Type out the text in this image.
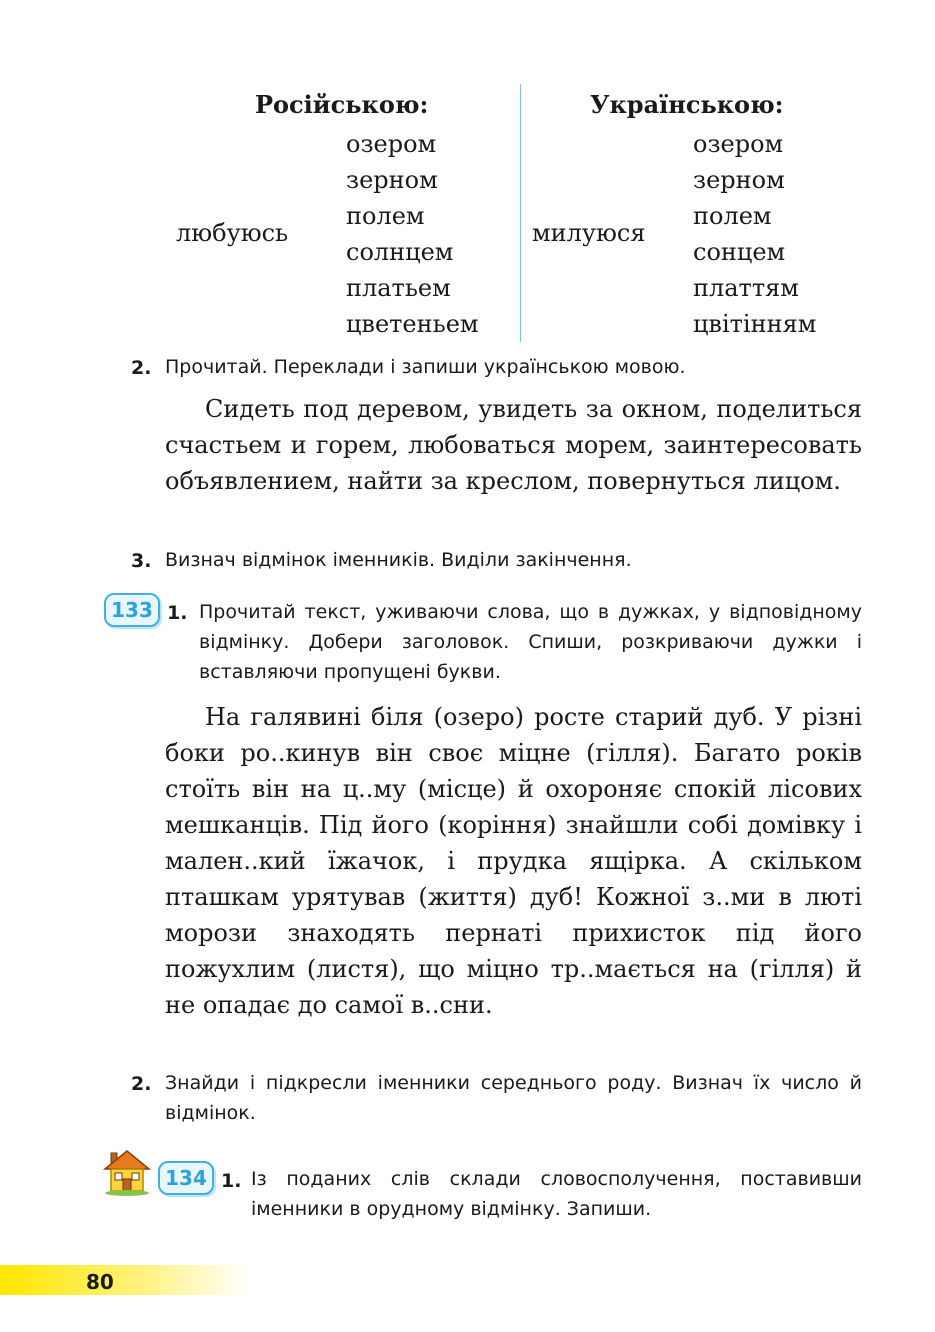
Російською:	Українською:
любуюсь
озером
зерном
полем
солнцем
платьем
цветеньем
милуюся
озером
зерном
полем
сонцем
платтям
цвітінням
2. Прочитай. Переклади і запиши українською мовою.
Сидеть под деревом, увидеть за окном, поделиться счастьем и горем, любоваться морем, заинтересовать объявлением, найти за креслом, повернуться лицом.
3. Визнач відмінок іменників. Виділи закінчення.
133 1. Прочитай текст, уживаючи слова, що в дужках, у відповідному відмінку. Добери заголовок. Спиши, розкриваючи дужки і вставляючи пропущені букви.
На галявині біля (озеро) росте старий дуб. У різні боки ро..кинув він своє міцне (гілля). Багато років стоїть він на ц..му (місце) й охороняє спокій лісових мешканців. Під його (коріння) знайшли собі домівку і мален..кий їжачок, і прудка ящірка. А скільком пташкам урятував (життя) дуб! Кожної з..ми в люті морози знаходять пернаті прихисток під його пожухлим (листя), що міцно тр..мається на (гілля) й не опадає до самої в..сни.
2. Знайди і підкресли іменники середнього роду. Визнач їх число й відмінок.
134 1. Із поданих слів склади словосполучення, поставивши іменники в орудному відмінку. Запиши.
80
